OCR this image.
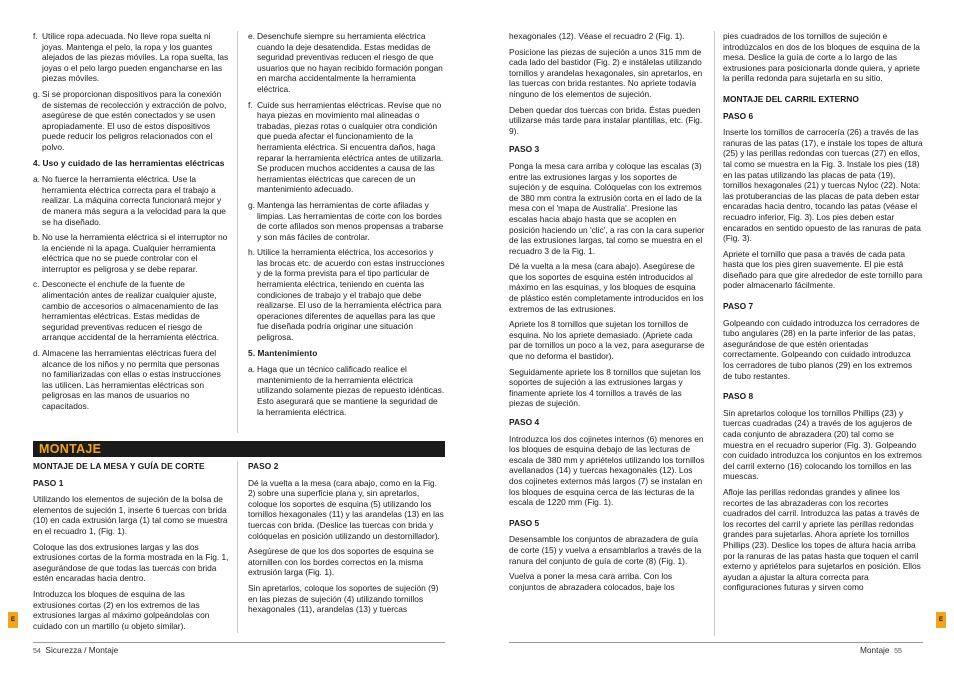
f. Utilice ropa adecuada. No lleve ropa suelta ni joyas. Mantenga el pelo, la ropa y los guantes alejados de las piezas móviles. La ropa suelta, las joyas o el pelo largo pueden engancharse en las piezas móviles.
g. Si se proporcionan dispositivos para la conexión de sistemas de recolección y extracción de polvo, asegúrese de que estén conectados y se usen apropiadamente. El uso de estos dispositivos puede reducir los peligros relacionados con el polvo.
4. Uso y cuidado de las herramientas eléctricas
a. No fuerce la herramienta eléctrica. Use la herramienta eléctrica correcta para el trabajo a realizar. La máquina correcta funcionará mejor y de manera más segura a la velocidad para la que se ha diseñado.
b. No use la herramienta eléctrica si el interruptor no la enciende ni la apaga. Cualquier herramienta eléctrica que no se puede controlar con el interruptor es peligrosa y se debe reparar.
c. Desconecte el enchufe de la fuente de alimentación antes de realizar cualquier ajuste, cambio de accesorios o almacenamiento de las herramientas eléctricas. Estas medidas de seguridad preventivas reducen el riesgo de arranque accidental de la herramienta eléctrica.
d. Almacene las herramientas eléctricas fuera del alcance de los niños y no permita que personas no familiarizadas con ellas o estas instrucciones las utilicen. Las herramientas eléctricas son peligrosas en las manos de usuarios no capacitados.
e. Desenchufe siempre su herramienta eléctrica cuando la deje desatendida. Estas medidas de seguridad preventivas reducen el riesgo de que usuarios que no hayan recibido formación pongan en marcha accidentalmente la herramienta eléctrica.
f. Cuide sus herramientas eléctricas. Revise que no haya piezas en movimiento mal alineadas o trabadas, piezas rotas o cualquier otra condición que pueda afectar el funcionamiento de la herramienta eléctrica. Si encuentra daños, haga reparar la herramienta eléctrica antes de utilizarla. Se producen muchos accidentes a causa de las herramientas eléctricas que carecen de un mantenimiento adecuado.
g. Mantenga las herramientas de corte afiladas y limpias. Las herramientas de corte con los bordes de corte afilados son menos propensas a trabarse y son más fáciles de controlar.
h. Utilice la herramienta eléctrica, los accesorios y las brocas etc. de acuerdo con estas instrucciones y de la forma prevista para el tipo particular de herramienta eléctrica, teniendo en cuenta las condiciones de trabajo y el trabajo que debe realizarse. El uso de la herramienta eléctrica para operaciones diferentes de aquellas para las que fue diseñada podría originar une situación peligrosa.
5. Mantenimiento
a. Haga que un técnico calificado realice el mantenimiento de la herramienta eléctrica utilizando solamente piezas de repuesto idénticas. Esto asegurará que se mantiene la seguridad de la herramienta eléctrica.
MONTAJE
MONTAJE DE LA MESA Y GUÍA DE CORTE
PASO 1

Utilizando los elementos de sujeción de la bolsa de elementos de sujeción 1, inserte 6 tuercas con brida (10) en cada extrusión larga (1) tal como se muestra en el recuadro 1, (Fig. 1).

Coloque las dos extrusiones largas y las dos extrusiones cortas de la forma mostrada en la Fig. 1, asegurándose de que todas las tuercas con brida estén encaradas hacia dentro.

Introduzca los bloques de esquina de las extrusiones cortas (2) en los extremos de las extrusiones largas al máximo golpeándolas con cuidado con un martillo (u objeto similar).

PASO 2

Dé la vuelta a la mesa (cara abajo, como en la Fig. 2) sobre una superficie plana y, sin apretarlos, coloque los soportes de esquina (5) utilizando los tornillos hexagonales (11) y las arandelas (13) en las tuercas con brida. (Deslice las tuercas con brida y colóquelas en posición utilizando un destornillador).

Asegúrese de que los dos soportes de esquina se atornillen con los bordes correctos en la misma extrusión larga (Fig. 1).

Sin apretarlos, coloque los soportes de sujeción (9) en las piezas de sujeción (4) utilizando tornillos hexagonales (11), arandelas (13) y tuercas

E
54 Sicurezza / Montaje

hexagonales (12). Véase el recuadro 2 (Fig. 1).

Posicione las piezas de sujeción a unos 315 mm de cada lado del bastidor (Fig. 2) e instálelas utilizando tornillos y arandelas hexagonales, sin apretarlos, en las tuercas con brida restantes. No apriete todavía ninguno de los elementos de sujeción.

Deben quedar dos tuercas con brida. Éstas pueden utilizarse más tarde para instalar plantillas, etc. (Fig. 9).

PASO 3

Ponga la mesa cara arriba y coloque las escalas (3) entre las extrusiones largas y los soportes de sujeción y de esquina. Colóquelas con los extremos de 380 mm contra la extrusión corta en el lado de la mesa con el 'mapa de Australia'. Presione las escalas hacia abajo hasta que se acoplen en posición haciendo un 'clic', a ras con la cara superior de las extrusiones largas, tal como se muestra en el recuadro 3 de la Fig. 1.

Dé la vuelta a la mesa (cara abajo). Asegúrese de que los soportes de esquina estén introducidos al máximo en las esquinas, y los bloques de esquina de plástico estén completamente introducidos en los extremos de las extrusiones.

Apriete los 8 tornillos que sujetan los tornillos de esquina. No los apriete demasiado. (Apriete cada par de tornillos un poco a la vez, para asegurarse de que no deforma el bastidor).

Seguidamente apriete los 8 tornillos que sujetan los soportes de sujeción a las extrusiones largas y finamente apriete los 4 tornillos a través de las piezas de sujeción.

PASO 4

Introduzca los dos cojinetes internos (6) menores en los bloques de esquina debajo de las lecturas de escala de 380 mm y apriételos utilizando los tornillos avellanados (14) y tuercas hexagonales (12). Los dos cojinetes externos más largos (7) se instalan en los bloques de esquina cerca de las lecturas de la escala de 1220 mm (Fig. 1).

PASO 5

Desensamble los conjuntos de abrazadera de guía de corte (15) y vuelva a ensamblarlos a través de la ranura del conjunto de guía de corte (8) (Fig. 1).

Vuelva a poner la mesa cara arriba. Con los conjuntos de abrazadera colocados, baje los

pies cuadrados de los tornillos de sujeción e introdúzcalos en dos de los bloques de esquina de la mesa. Deslice la guía de corte a lo largo de las extrusiones para posicionarla donde quiera, y apriete la perilla redonda para sujetarla en su sitio.

MONTAJE DEL CARRIL EXTERNO
PASO 6

Inserte los tornillos de carrocería (26) a través de las ranuras de las patas (17), e instale los topes de altura (25) y las perillas redondas con tuercas (27) en ellos, tal como se muestra en la Fig. 3. Instale los pies (18) en las patas utilizando las placas de pata (19), tornillos hexagonales (21) y tuercas Nyloc (22). Nota: las protuberancias de las placas de pata deben estar encaradas hacia dentro, tocando las patas (véase el recuadro inferior, Fig. 3). Los pies deben estar encarados en sentido opuesto de las ranuras de pata (Fig. 3).

Apriete el tornillo que pasa a través de cada pata hasta que los pies giren suavemente. El pie está diseñado para que gire alrededor de este tornillo para poder almacenarlo fácilmente.

PASO 7

Golpeando con cuidado introduzca los cerradores de tubo angulares (28) en la parte inferior de las patas, asegurándose de que estén orientadas correctamente. Golpeando con cuidado introduzca los cerradores de tubo planos (29) en los extremos de tubo restantes.

PASO 8

Sin apretarlos coloque los tornillos Phillips (23) y tuercas cuadradas (24) a través de los agujeros de cada conjunto de abrazadera (20) tal como se muestra en el recuadro superior (Fig. 3). Golpeando con cuidado introduzca los conjuntos en los extremos del carril externo (16) colocando los tornillos en las muescas.

Afloje las perillas redondas grandes y alinee los recortes de las abrazaderas con los recortes cuadrados del carril. Introduzca las patas a través de los recortes del carril y apriete las perillas redondas grandes para sujetarlas. Ahora apriete los tornillos Phillips (23). Deslice los topes de altura hacia arriba por la ranuras de las patas hasta que toquen el carril externo y apriételos para sujetarlos en posición. Ellos ayudan a ajustar la altura correcta para configuraciones futuras y sirven como

E
Montaje 55
